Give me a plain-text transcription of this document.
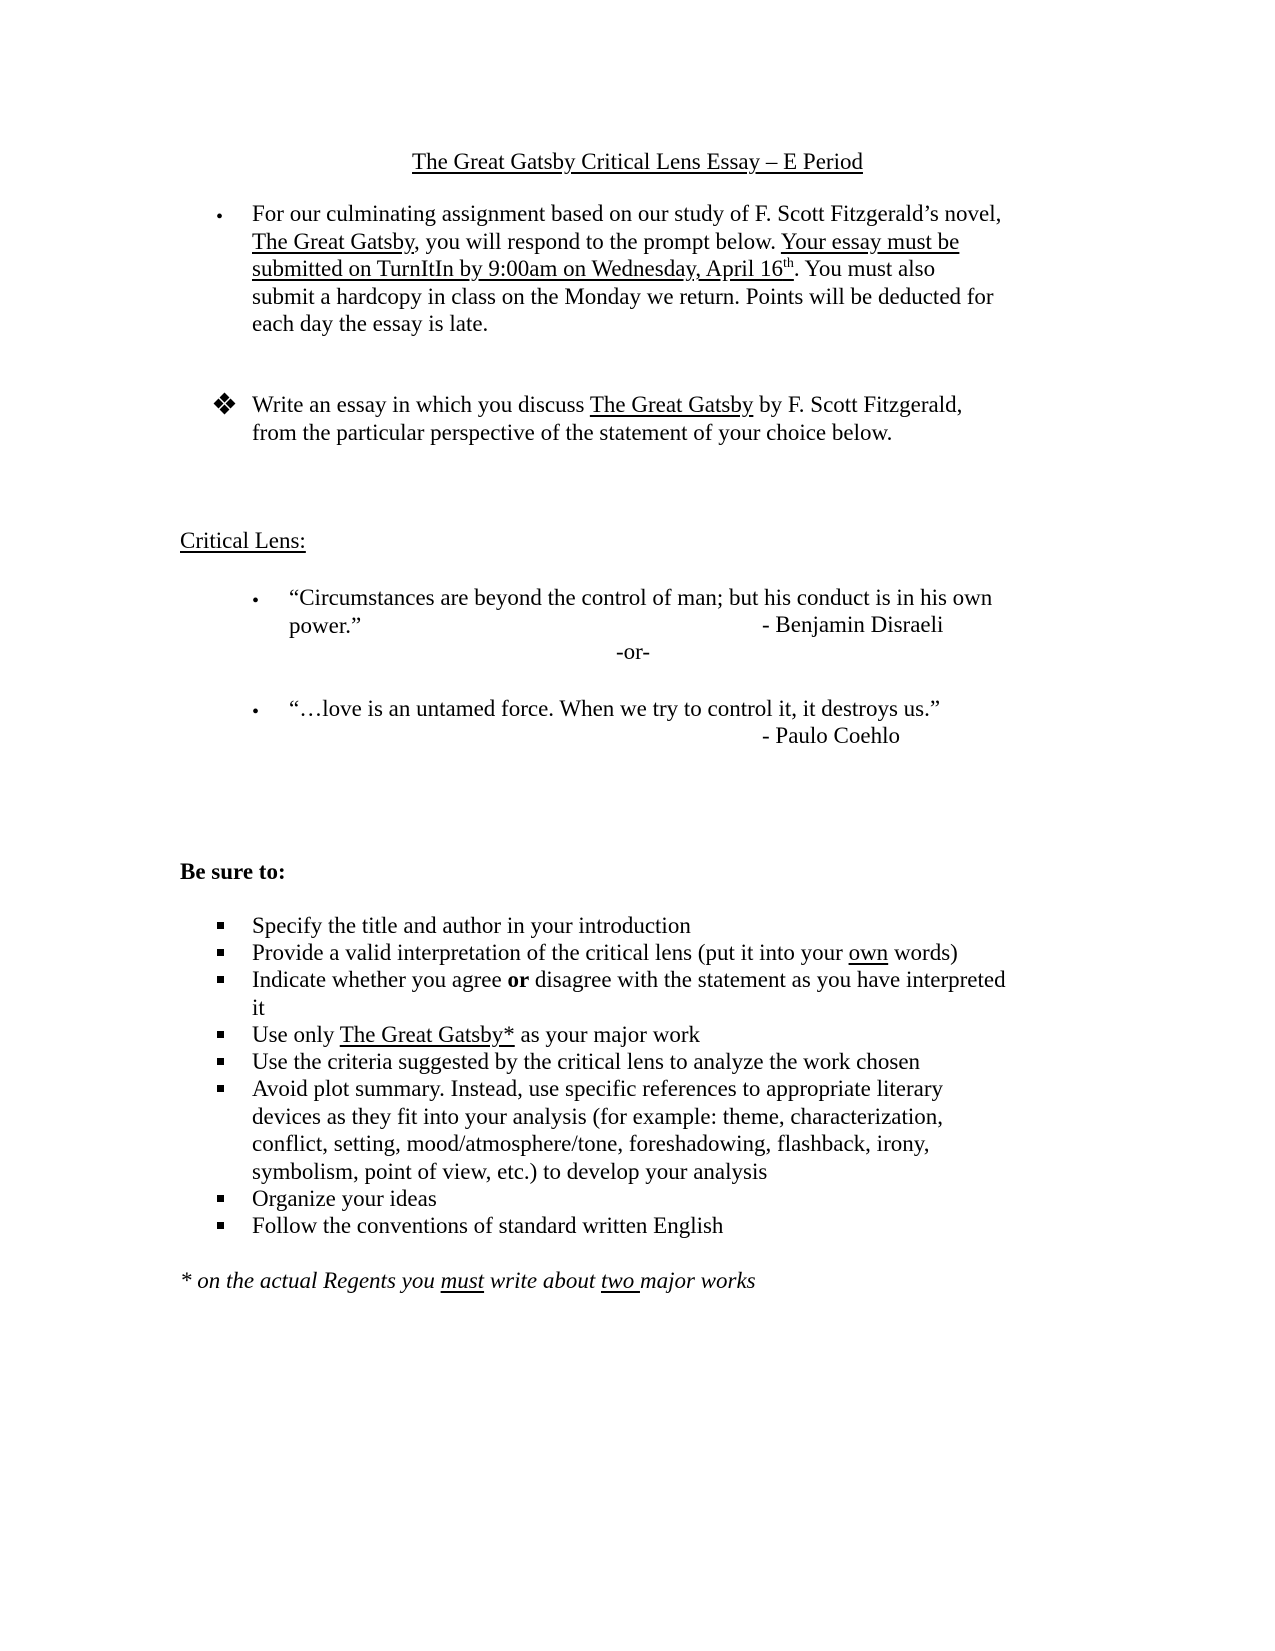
The Great Gatsby Critical Lens Essay – E Period
• For our culminating assignment based on our study of F. Scott Fitzgerald’s novel,
The Great Gatsby, you will respond to the prompt below. Your essay must be
submitted on TurnItIn by 9:00am on Wednesday, April 16th. You must also
submit a hardcopy in class on the Monday we return. Points will be deducted for
each day the essay is late.
Write an essay in which you discuss The Great Gatsby by F. Scott Fitzgerald,
from the particular perspective of the statement of your choice below.
Critical Lens:
• “Circumstances are beyond the control of man; but his conduct is in his own
power.”	- Benjamin Disraeli
-or-
• “…love is an untamed force. When we try to control it, it destroys us.”
- Paulo Coehlo
Be sure to:
Specify the title and author in your introduction
Provide a valid interpretation of the critical lens (put it into your own words)
Indicate whether you agree or disagree with the statement as you have interpreted
it
Use only The Great Gatsby* as your major work
Use the criteria suggested by the critical lens to analyze the work chosen
Avoid plot summary. Instead, use specific references to appropriate literary
devices as they fit into your analysis (for example: theme, characterization,
conflict, setting, mood/atmosphere/tone, foreshadowing, flashback, irony,
symbolism, point of view, etc.) to develop your analysis
Organize your ideas
Follow the conventions of standard written English
* on the actual Regents you must write about two major works
